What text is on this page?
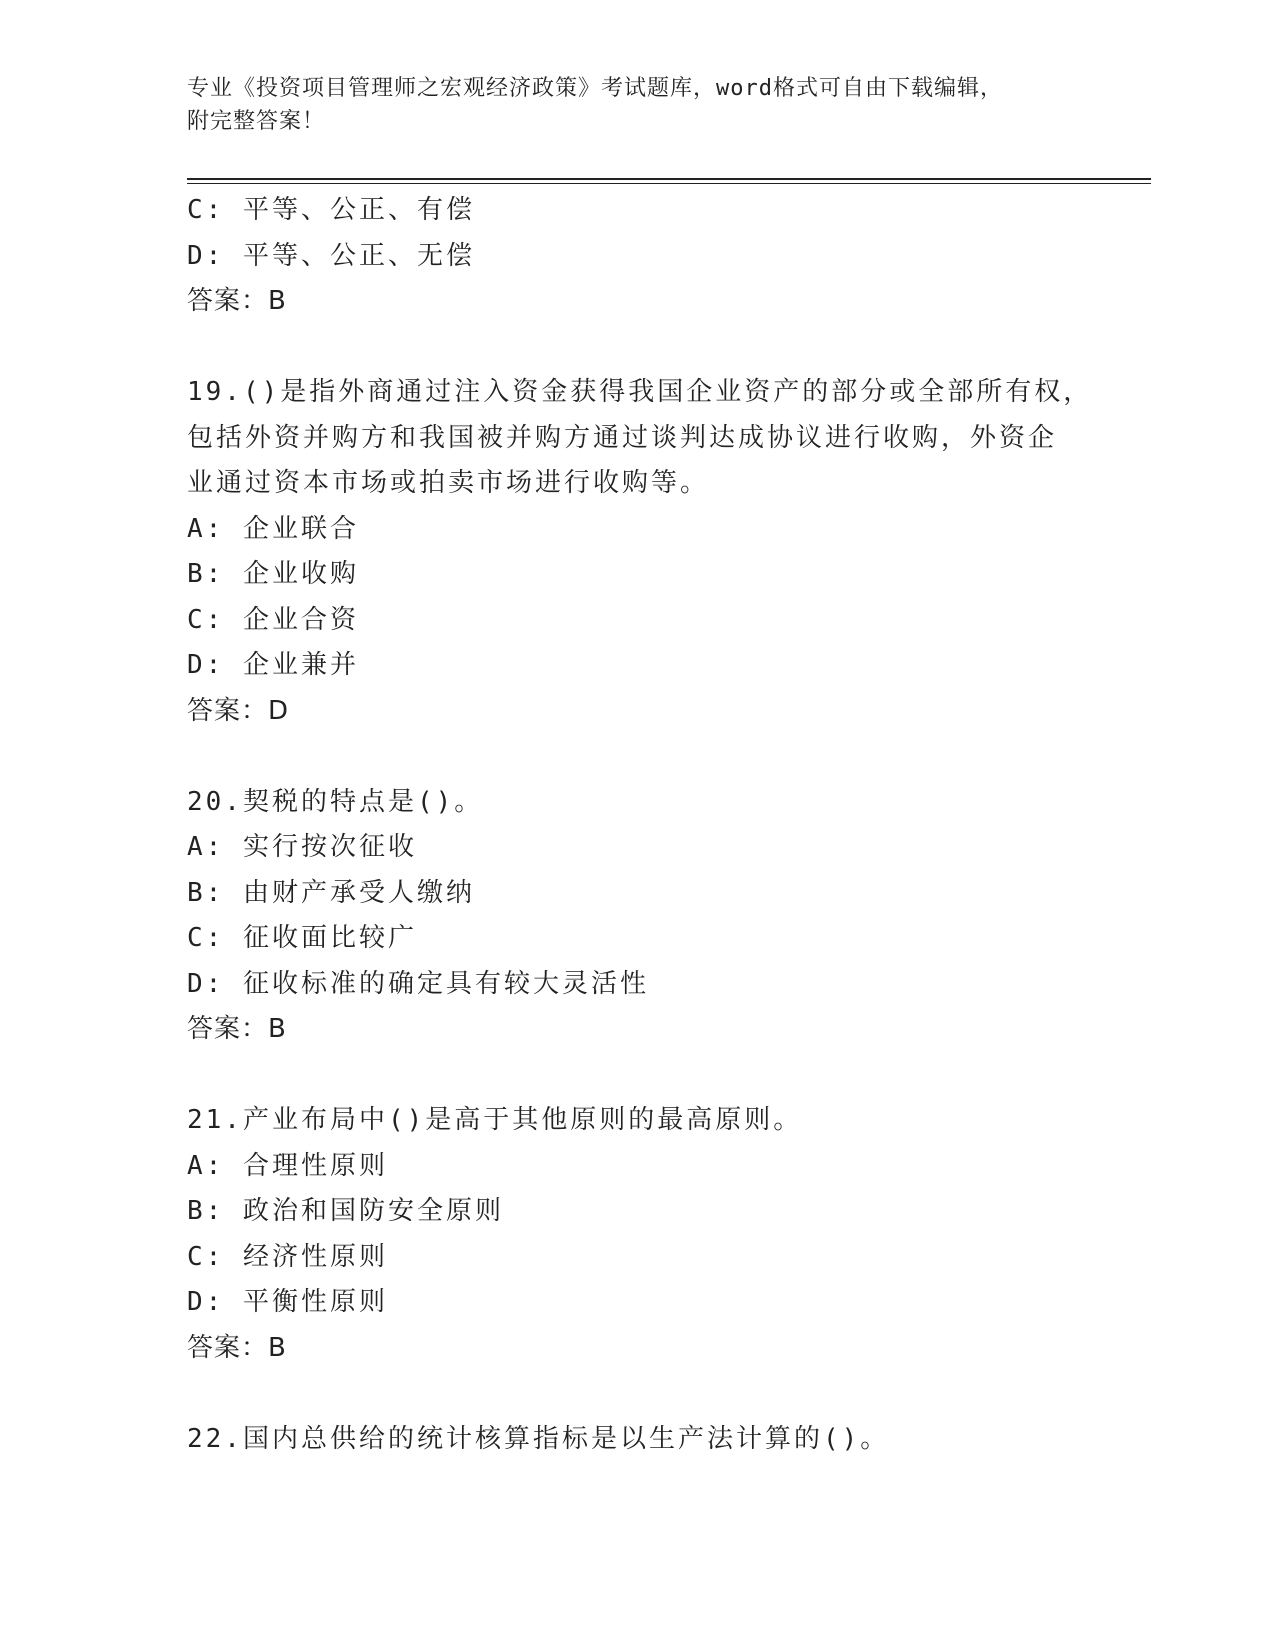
专业《投资项目管理师之宏观经济政策》考试题库，word格式可自由下载编辑，
附完整答案！
C: 平等、公正、有偿
D: 平等、公正、无偿
答案：B
19.()是指外商通过注入资金获得我国企业资产的部分或全部所有权，
包括外资并购方和我国被并购方通过谈判达成协议进行收购，外资企
业通过资本市场或拍卖市场进行收购等。
A: 企业联合
B: 企业收购
C: 企业合资
D: 企业兼并
答案：D
20.契税的特点是()。
A: 实行按次征收
B: 由财产承受人缴纳
C: 征收面比较广
D: 征收标准的确定具有较大灵活性
答案：B
21.产业布局中()是高于其他原则的最高原则。
A: 合理性原则
B: 政治和国防安全原则
C: 经济性原则
D: 平衡性原则
答案：B
22.国内总供给的统计核算指标是以生产法计算的()。
